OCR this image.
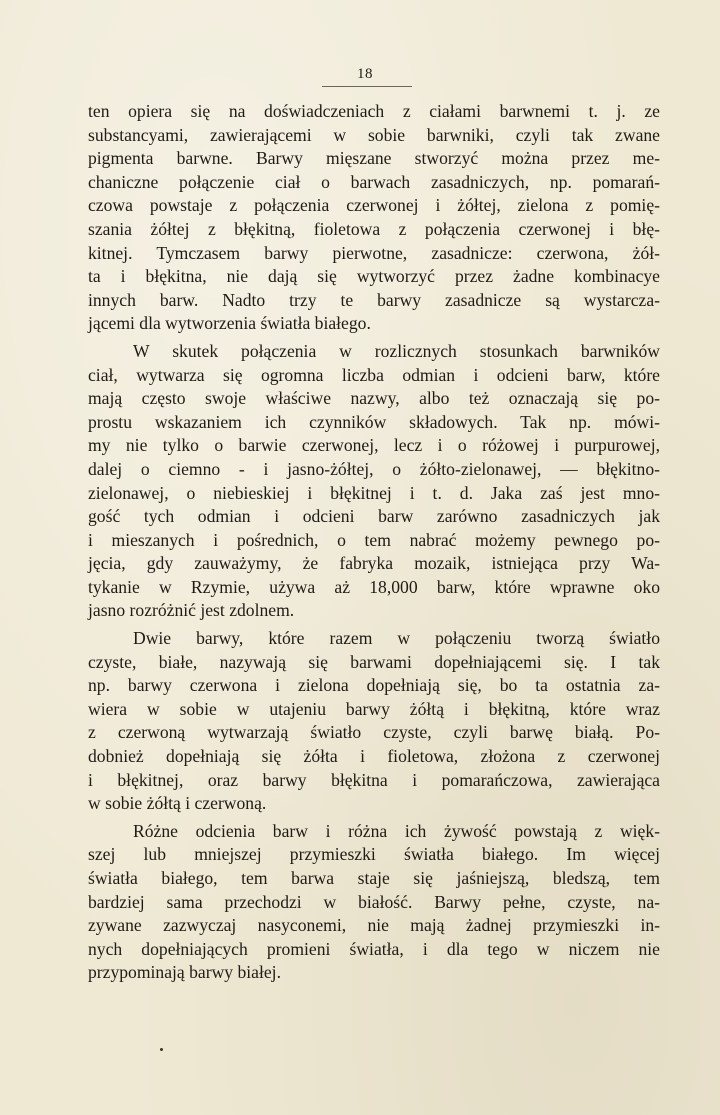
18
ten opiera się na doświadczeniach z ciałami barwnemi t. j. ze
substancyami, zawierającemi w sobie barwniki, czyli tak zwane
pigmenta barwne. Barwy mięszane stworzyć można przez me-
chaniczne połączenie ciał o barwach zasadniczych, np. pomarań-
czowa powstaje z połączenia czerwonej i żółtej, zielona z pomię-
szania żółtej z błękitną, fioletowa z połączenia czerwonej i błę-
kitnej. Tymczasem barwy pierwotne, zasadnicze: czerwona, żół-
ta i błękitna, nie dają się wytworzyć przez żadne kombinacye
innych barw. Nadto trzy te barwy zasadnicze są wystarcza-
jącemi dla wytworzenia światła białego.
W skutek połączenia w rozlicznych stosunkach barwników
ciał, wytwarza się ogromna liczba odmian i odcieni barw, które
mają często swoje właściwe nazwy, albo też oznaczają się po-
prostu wskazaniem ich czynników składowych. Tak np. mówi-
my nie tylko o barwie czerwonej, lecz i o różowej i purpurowej,
dalej o ciemno - i jasno-żółtej, o żółto-zielonawej, — błękitno-
zielonawej, o niebieskiej i błękitnej i t. d. Jaka zaś jest mno-
gość tych odmian i odcieni barw zarówno zasadniczych jak
i mieszanych i pośrednich, o tem nabrać możemy pewnego po-
jęcia, gdy zauważymy, że fabryka mozaik, istniejąca przy Wa-
tykanie w Rzymie, używa aż 18,000 barw, które wprawne oko
jasno rozróżnić jest zdolnem.
Dwie barwy, które razem w połączeniu tworzą światło
czyste, białe, nazywają się barwami dopełniającemi się. I tak
np. barwy czerwona i zielona dopełniają się, bo ta ostatnia za-
wiera w sobie w utajeniu barwy żółtą i błękitną, które wraz
z czerwoną wytwarzają światło czyste, czyli barwę białą. Po-
dobnież dopełniają się żółta i fioletowa, złożona z czerwonej
i błękitnej, oraz barwy błękitna i pomarańczowa, zawierająca
w sobie żółtą i czerwoną.
Różne odcienia barw i różna ich żywość powstają z więk-
szej lub mniejszej przymieszki światła białego. Im więcej
światła białego, tem barwa staje się jaśniejszą, bledszą, tem
bardziej sama przechodzi w białość. Barwy pełne, czyste, na-
zywane zazwyczaj nasyconemi, nie mają żadnej przymieszki in-
nych dopełniających promieni światła, i dla tego w niczem nie
przypominają barwy białej.
